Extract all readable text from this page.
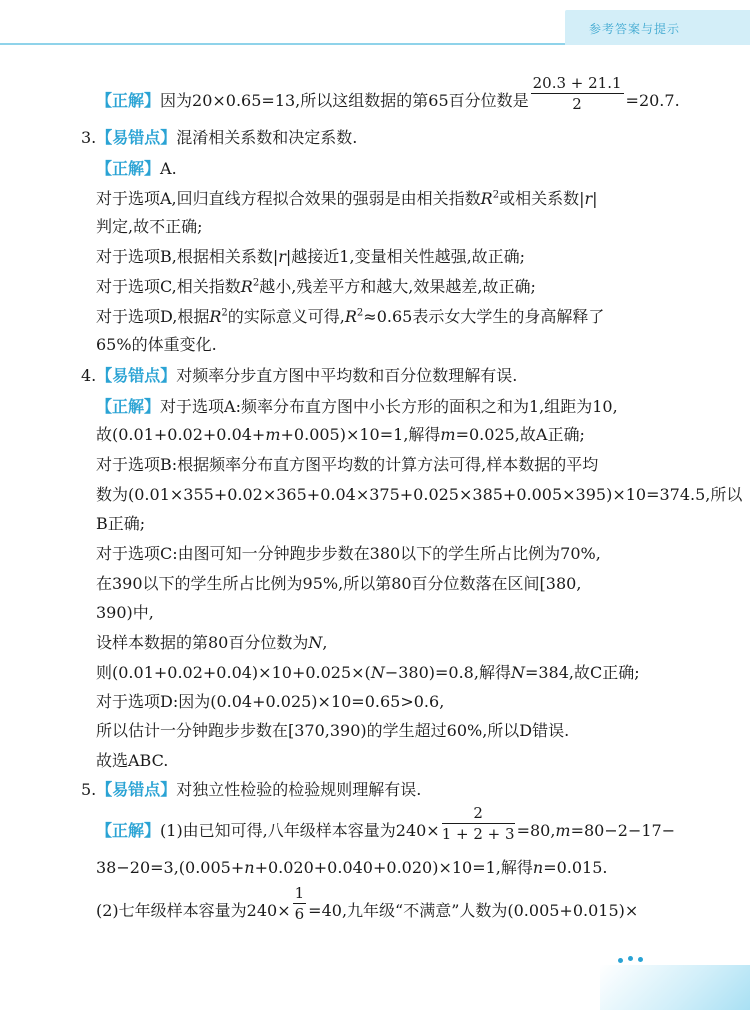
参考答案与提示
【正解】因为20×0.65=13,所以这组数据的第65百分位数是 $\frac{20.3 + 21.1}{2} =20.7$.
3.【易错点】混淆相关系数和决定系数.
【正解】A.
对于选项A,回归直线方程拟合效果的强弱是由相关指数$R^2$或相关系数|r|
判定,故不正确;
对于选项B,根据相关系数|r|越接近1,变量相关性越强,故正确;
对于选项C,相关指数$R^2$越小,残差平方和越大,效果越差,故正确;
对于选项D,根据$R^2$的实际意义可得$,R^2\approx 0.65$表示女大学生的身高解释了
65%的体重变化.
4.【易错点】对频率分步直方图中平均数和百分位数理解有误.
【正解】对于选项A:频率分布直方图中小长方形的面积之和为1,组距为10,
故(0.01+0.02+0.04+m+0.005)×10=1,解得m=0.025,故A正确;
对于选项B:根据频率分布直方图平均数的计算方法可得,样本数据的平均
数为(0.01×355+0.02×365+0.04×375+0.025×385+0.005×395)×10=374.5,所以
B正确;
对于选项C:由图可知一分钟跑步步数在380以下的学生所占比例为70%,
在390以下的学生所占比例为95%,所以第80百分位数落在区间[380,
390)中,
设样本数据的第80百分位数为N,
则(0.01+0.02+0.04)×10+0.025×(N−380)=0.8,解得N=384,故C正确;
对于选项D:因为(0.04+0.025)×10=0.65>0.6,
所以估计一分钟跑步步数在[370,390)的学生超过60%,所以D错误.
故选ABC.
5.【易错点】对独立性检验的检验规则理解有误.
【正解】(1)由已知可得,八年级样本容量为$240\times \frac{2}{1 + 2 + 3} =80,m=80-2-17-$
38−20=3,(0.005+n+0.020+0.040+0.020)×10=1,解得n=0.015.
(2)七年级样本容量为$240\times \frac{1}{6} =40$,九年级“不满意”人数为(0.005+0.015)×
